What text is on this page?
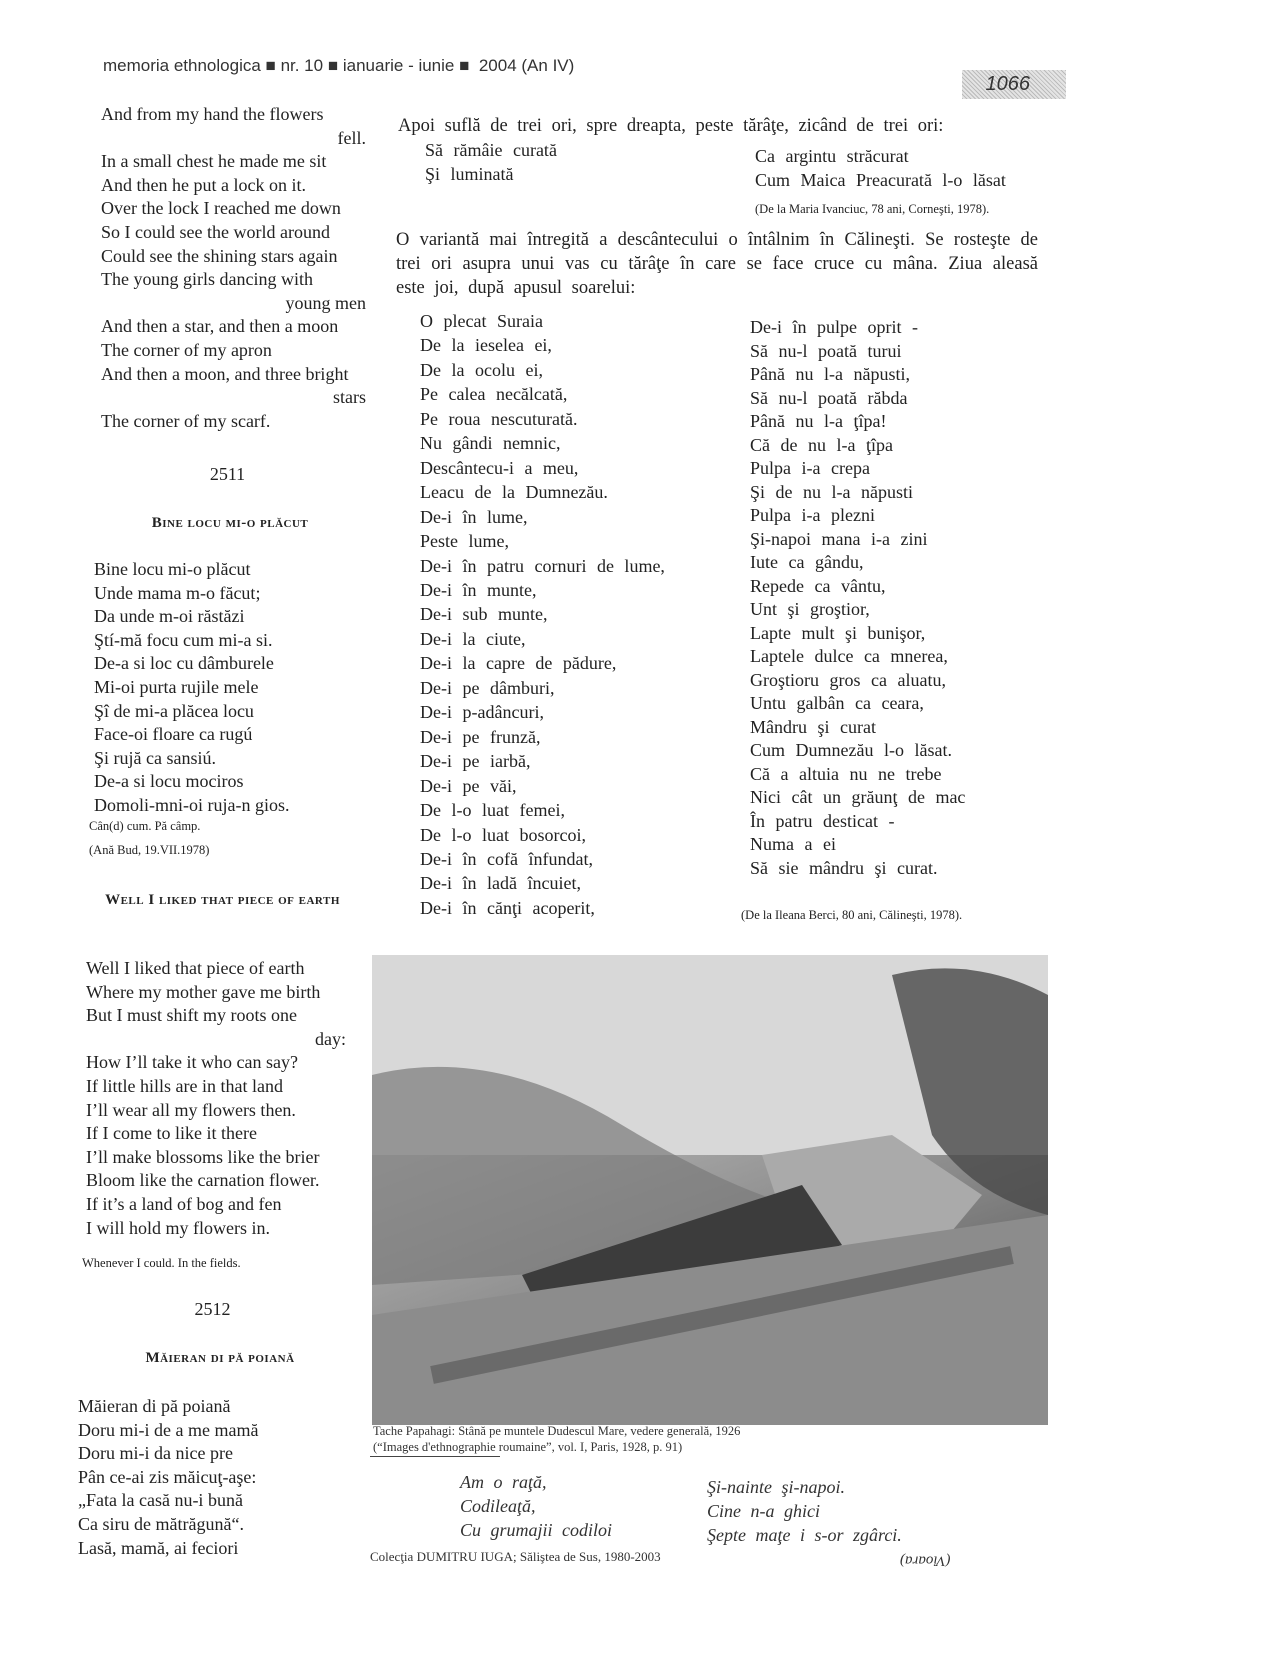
memoria ethnologica ■ nr. 10 ■ ianuarie - iunie ■ 2004 (An IV)
1066
And from my hand the flowers
fell.
In a small chest he made me sit
And then he put a lock on it.
Over the lock I reached me down
So I could see the world around
Could see the shining stars again
The young girls dancing with
young men
And then a star, and then a moon
The corner of my apron
And then a moon, and three bright
stars
The corner of my scarf.
2511
Bine locu mi-o plăcut
Bine locu mi-o plăcut
Unde mama m-o făcut;
Da unde m-oi răstăzi
Ştí-mă focu cum mi-a si.
De-a si loc cu dâmburele
Mi-oi purta rujile mele
Şî de mi-a plăcea locu
Face-oi floare ca rugú
Şi rujă ca sansiú.
De-a si locu mociros
Domoli-mni-oi ruja-n gios.
Cân(d) cum. Pă câmp.
(Ană Bud, 19.VII.1978)
Well I liked that piece of earth
Well I liked that piece of earth
Where my mother gave me birth
But I must shift my roots one
day:
How I’ll take it who can say?
If little hills are in that land
I’ll wear all my flowers then.
If I come to like it there
I’ll make blossoms like the brier
Bloom like the carnation flower.
If it’s a land of bog and fen
I will hold my flowers in.
Whenever I could. In the fields.
2512
Măieran di pă poiană
Măieran di pă poiană
Doru mi-i de a me mamă
Doru mi-i da nice pre
Pân ce-ai zis măicuţ-aşe:
„Fata la casă nu-i bună
Ca siru de mătrăgună“.
Lasă, mamă, ai feciori
Apoi suflă de trei ori, spre dreapta, peste tărâţe, zicând de trei ori:
Să rămâie curată
Şi luminată
Ca argintu străcurat
Cum Maica Preacurată l-o lăsat
(De la Maria Ivanciuc, 78 ani, Corneşti, 1978).
O variantă mai întregită a descântecului o întâlnim în Călineşti. Se rosteşte de trei ori asupra unui vas cu tărâţe în care se face cruce cu mâna. Ziua aleasă este joi, după apusul soarelui:
O plecat Suraia
De la ieselea ei,
De la ocolu ei,
Pe calea necălcată,
Pe roua nescuturată.
Nu gândi nemnic,
Descântecu-i a meu,
Leacu de la Dumnezău.
De-i în lume,
Peste lume,
De-i în patru cornuri de lume,
De-i în munte,
De-i sub munte,
De-i la ciute,
De-i la capre de pădure,
De-i pe dâmburi,
De-i p-adâncuri,
De-i pe frunză,
De-i pe iarbă,
De-i pe văi,
De l-o luat femei,
De l-o luat bosorcoi,
De-i în cofă înfundat,
De-i în ladă încuiet,
De-i în cănţi acoperit,
De-i în pulpe oprit -
Să nu-l poată turui
Până nu l-a năpusti,
Să nu-l poată răbda
Până nu l-a ţîpa!
Că de nu l-a ţîpa
Pulpa i-a crepa
Şi de nu l-a năpusti
Pulpa i-a plezni
Şi-napoi mana i-a zini
Iute ca gându,
Repede ca vântu,
Unt şi groştior,
Lapte mult şi bunişor,
Laptele dulce ca mnerea,
Groştioru gros ca aluatu,
Untu galbân ca ceara,
Mândru şi curat
Cum Dumnezău l-o lăsat.
Că a altuia nu ne trebe
Nici cât un grăunţ de mac
În patru desticat -
Numa a ei
Să sie mândru şi curat.
(De la Ileana Berci, 80 ani, Călineşti, 1978).
Tache Papahagi: Stână pe muntele Dudescul Mare, vedere generală, 1926
(“Images d'ethnographie roumaine”, vol. I, Paris, 1928, p. 91)
Am o raţă,
Codileaţă,
Cu grumajii codiloi
Şi-nainte şi-napoi.
Cine n-a ghici
Şepte maţe i s-or zgârci.
Colecţia DUMITRU IUGA; Săliştea de Sus, 1980-2003	(Vioara)
